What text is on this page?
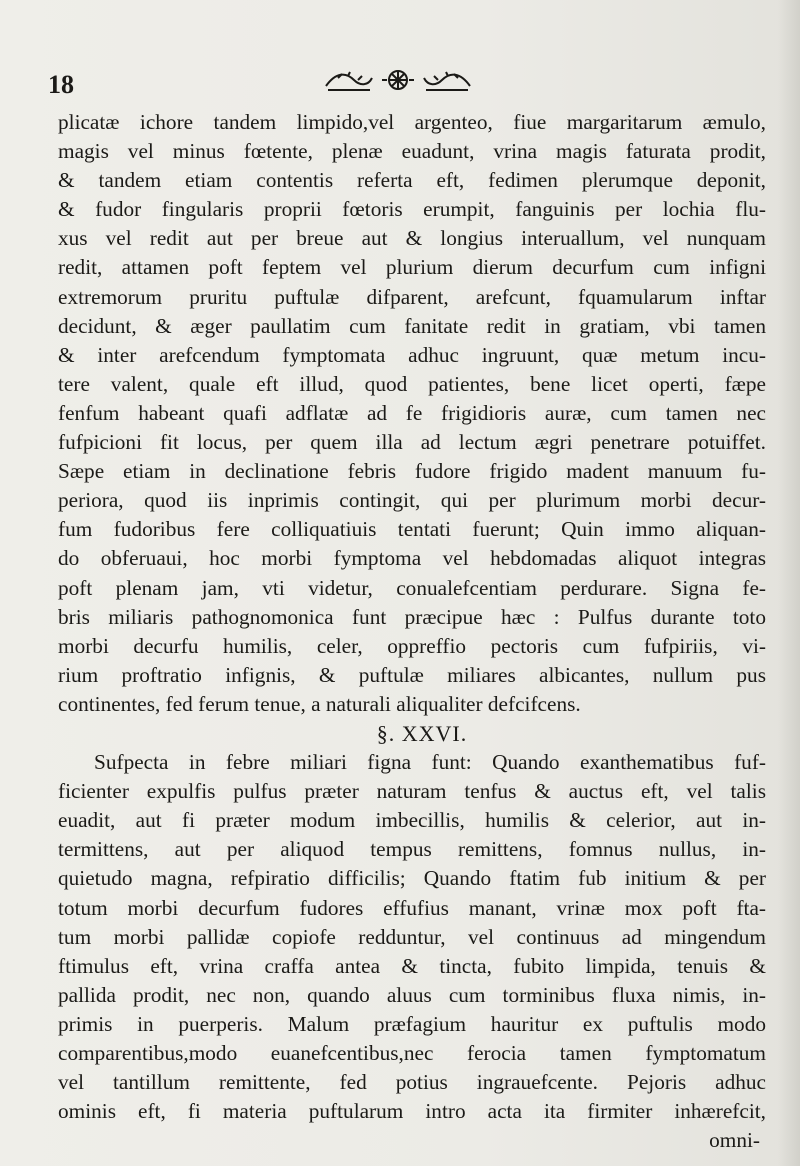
18
plicatæ ichore tandem limpido,vel argenteo, fiue margaritarum æmulo,
magis vel minus fœtente, plenæ euadunt, vrina magis faturata prodit,
& tandem etiam contentis referta eft, fedimen plerumque deponit,
& fudor fingularis proprii fœtoris erumpit, fanguinis per lochia flu-
xus vel redit aut per breue aut & longius interuallum, vel nunquam
redit, attamen poft feptem vel plurium dierum decurfum cum infigni
extremorum pruritu puftulæ difparent, arefcunt, fquamularum inftar
decidunt, & æger paullatim cum fanitate redit in gratiam, vbi tamen
& inter arefcendum fymptomata adhuc ingruunt, quæ metum incu-
tere valent, quale eft illud, quod patientes, bene licet operti, fæpe
fenfum habeant quafi adflatæ ad fe frigidioris auræ, cum tamen nec
fufpicioni fit locus, per quem illa ad lectum ægri penetrare potuiffet.
Sæpe etiam in declinatione febris fudore frigido madent manuum fu-
periora, quod iis inprimis contingit, qui per plurimum morbi decur-
fum fudoribus fere colliquatiuis tentati fuerunt; Quin immo aliquan-
do obferuaui, hoc morbi fymptoma vel hebdomadas aliquot integras
poft plenam jam, vti videtur, conualefcentiam perdurare. Signa fe-
bris miliaris pathognomonica funt præcipue hæc : Pulfus durante toto
morbi decurfu humilis, celer, oppreffio pectoris cum fufpiriis, vi-
rium proftratio infignis, & puftulæ miliares albicantes, nullum pus
continentes, fed ferum tenue, a naturali aliqualiter defcifcens.
§. XXVI.
Sufpecta in febre miliari figna funt: Quando exanthematibus fuf-
ficienter expulfis pulfus præter naturam tenfus & auctus eft, vel talis
euadit, aut fi præter modum imbecillis, humilis & celerior, aut in-
termittens, aut per aliquod tempus remittens, fomnus nullus, in-
quietudo magna, refpiratio difficilis; Quando ftatim fub initium & per
totum morbi decurfum fudores effufius manant, vrinæ mox poft fta-
tum morbi pallidæ copiofe redduntur, vel continuus ad mingendum
ftimulus eft, vrina craffa antea & tincta, fubito limpida, tenuis &
pallida prodit, nec non, quando aluus cum torminibus fluxa nimis, in-
primis in puerperis. Malum præfagium hauritur ex puftulis modo
comparentibus,modo euanefcentibus,nec ferocia tamen fymptomatum
vel tantillum remittente, fed potius ingrauefcente. Pejoris adhuc
ominis eft, fi materia puftularum intro acta ita firmiter inhærefcit,
omni-
